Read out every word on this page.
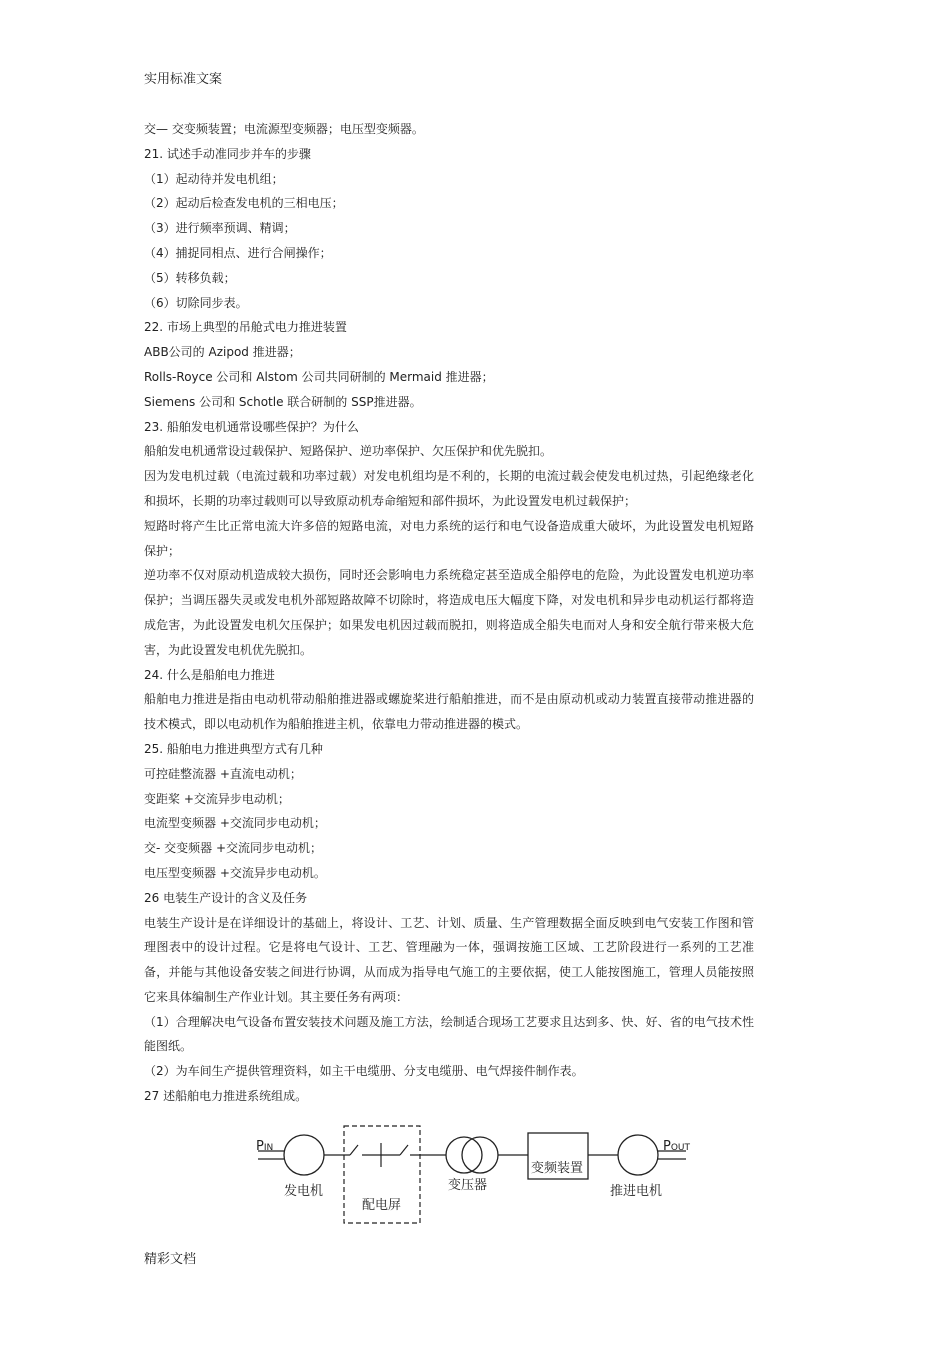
实用标准文案
交— 交变频装置；电流源型变频器；电压型变频器。
21. 试述手动准同步并车的步骤
（1）起动待并发电机组；
（2）起动后检查发电机的三相电压；
（3）进行频率预调、精调；
（4）捕捉同相点、进行合闸操作；
（5）转移负载；
（6）切除同步表。
22. 市场上典型的吊舱式电力推进装置
ABB公司的 Azipod 推进器；
Rolls-Royce 公司和 Alstom 公司共同研制的 Mermaid 推进器；
Siemens 公司和 Schotle 联合研制的 SSP推进器。
23. 船舶发电机通常设哪些保护？为什么
船舶发电机通常设过载保护、短路保护、逆功率保护、欠压保护和优先脱扣。
因为发电机过载（电流过载和功率过载）对发电机组均是不利的，长期的电流过载会使发电机过热，引起绝缘老化和损坏，长期的功率过载则可以导致原动机寿命缩短和部件损坏，为此设置发电机过载保护；
短路时将产生比正常电流大许多倍的短路电流，对电力系统的运行和电气设备造成重大破坏，为此设置发电机短路保护；
逆功率不仅对原动机造成较大损伤，同时还会影响电力系统稳定甚至造成全船停电的危险，为此设置发电机逆功率保护；当调压器失灵或发电机外部短路故障不切除时，将造成电压大幅度下降，对发电机和异步电动机运行都将造成危害，为此设置发电机欠压保护；如果发电机因过载而脱扣，则将造成全船失电而对人身和安全航行带来极大危害，为此设置发电机优先脱扣。
24. 什么是船舶电力推进
船舶电力推进是指由电动机带动船舶推进器或螺旋桨进行船舶推进，而不是由原动机或动力装置直接带动推进器的技术模式，即以电动机作为船舶推进主机，依靠电力带动推进器的模式。
25. 船舶电力推进典型方式有几种
可控硅整流器 +直流电动机；
变距桨 +交流异步电动机；
电流型变频器 +交流同步电动机；
交- 交变频器 +交流同步电动机；
电压型变频器 +交流异步电动机。
26 电装生产设计的含义及任务
电装生产设计是在详细设计的基础上，将设计、工艺、计划、质量、生产管理数据全面反映到电气安装工作图和管理图表中的设计过程。它是将电气设计、工艺、管理融为一体，强调按施工区域、工艺阶段进行一系列的工艺准备，并能与其他设备安装之间进行协调，从而成为指导电气施工的主要依据，使工人能按图施工，管理人员能按照它来具体编制生产作业计划。其主要任务有两项：
（1）合理解决电气设备布置安装技术问题及施工方法，绘制适合现场工艺要求且达到多、快、好、省的电气技术性能图纸。
（2）为车间生产提供管理资料，如主干电缆册、分支电缆册、电气焊接件制作表。
27 述船舶电力推进系统组成。
PIN
发电机
配电屏
变压器
变频装置
推进电机
POUT
精彩文档
